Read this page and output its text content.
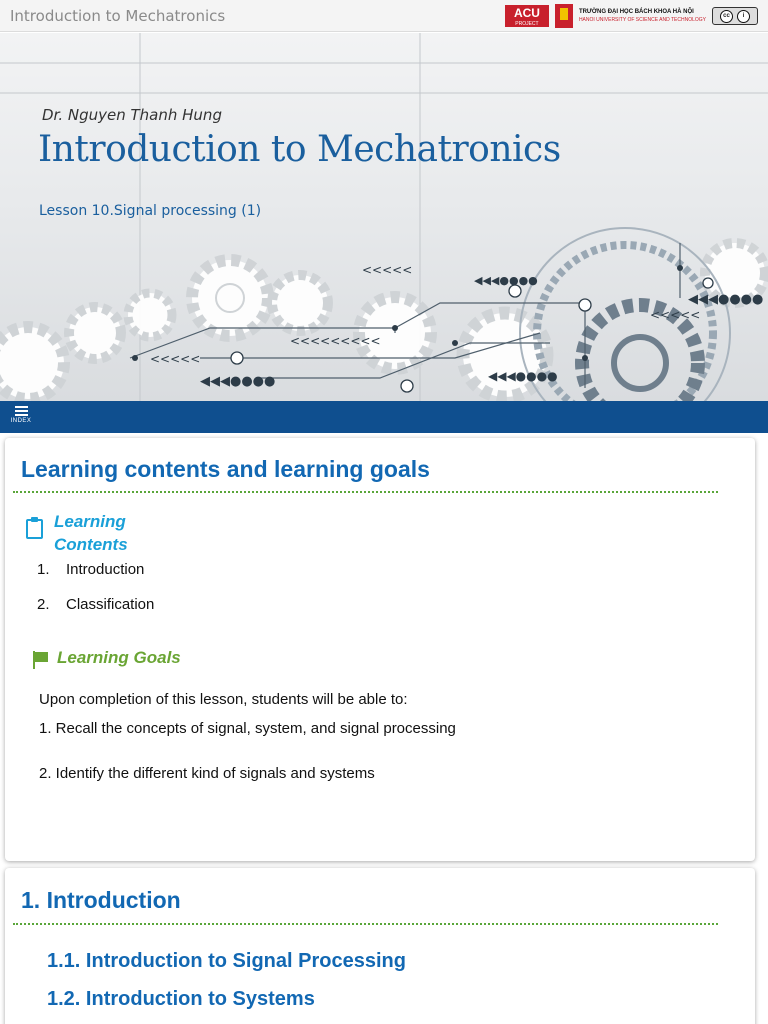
Introduction to Mechatronics	ACU
PROJECT
TRƯỜNG ĐẠI HỌC BÁCH KHOA HÀ NỘI
HANOI UNIVERSITY OF SCIENCE AND TECHNOLOGY
cc	i
<<<<<
<<<<<
<<<<<<<<<
<<<<<
◀◀◀●●●●
◀◀◀●●●●	◀◀◀●●●●
◀◀◀●●●●
Dr. Nguyen Thanh Hung
Introduction to Mechatronics
Lesson 10.Signal processing (1)
INDEX
Learning contents and learning goals
Learning Contents
1. Introduction
2. Classification
Learning Goals
Upon completion of this lesson, students will be able to:
1. Recall the concepts of signal, system, and signal processing
2. Identify the different kind of signals and systems
1. Introduction
1.1. Introduction to Signal Processing
1.2. Introduction to Systems
